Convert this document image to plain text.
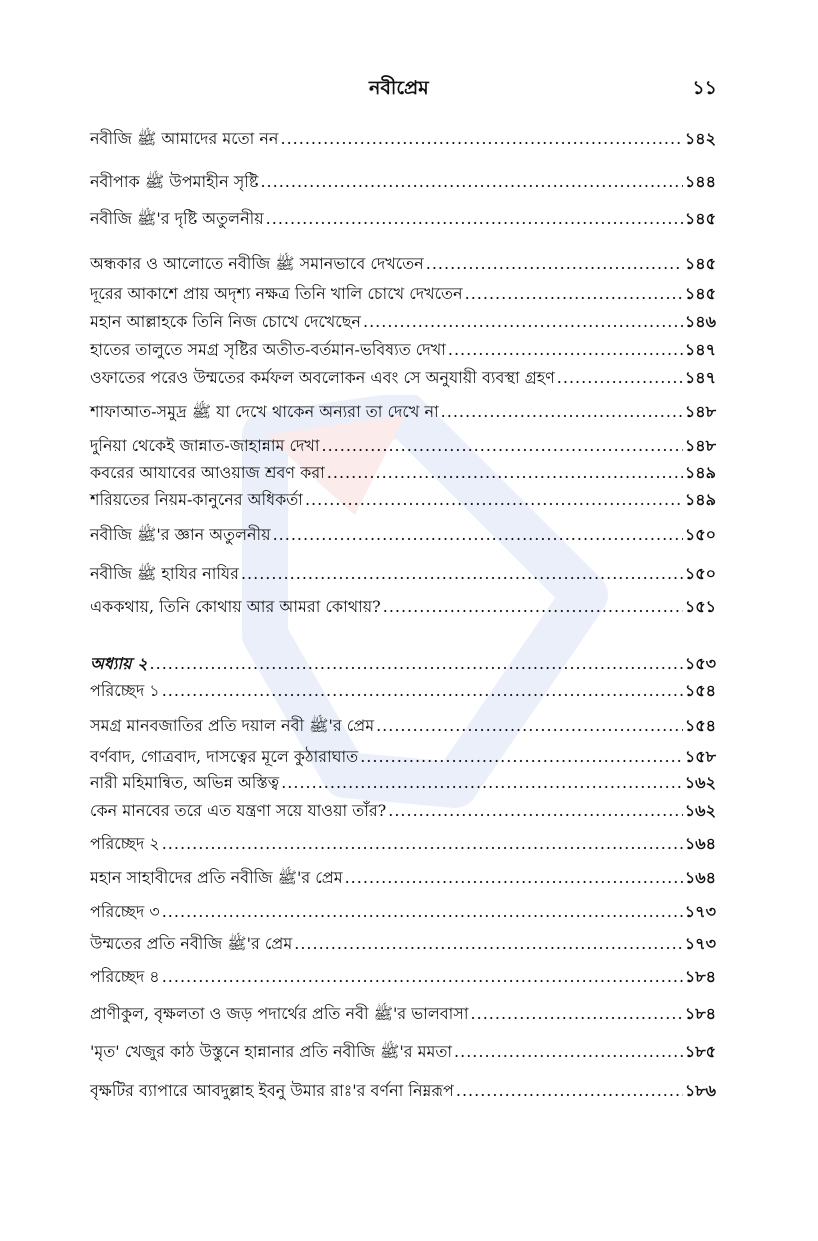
নবীপ্রেম	১১
নবীজি ﷺ আমাদের মতো নন .....	১৪২
নবীপাক ﷺ উপমাহীন সৃষ্টি .....	১৪৪
নবীজি ﷺ'র দৃষ্টি অতুলনীয় .....	১৪৫
অন্ধকার ও আলোতে নবীজি ﷺ সমানভাবে দেখতেন .....	১৪৫
দূরের আকাশে প্রায় অদৃশ্য নক্ষত্র তিনি খালি চোখে দেখতেন .....	১৪৫
মহান আল্লাহকে তিনি নিজ চোখে দেখেছেন .....	১৪৬
হাতের তালুতে সমগ্র সৃষ্টির অতীত-বর্তমান-ভবিষ্যত দেখা .....	১৪৭
ওফাতের পরেও উম্মতের কর্মফল অবলোকন এবং সে অনুযায়ী ব্যবস্থা গ্রহণ .....	১৪৭
শাফাআত-সমুদ্র ﷺ যা দেখে থাকেন অন্যরা তা দেখে না .....	১৪৮
দুনিয়া থেকেই জান্নাত-জাহান্নাম দেখা .....	১৪৮
কবরের আযাবের আওয়াজ শ্রবণ করা .....	১৪৯
শরিয়তের নিয়ম-কানুনের অধিকর্তা .....	১৪৯
নবীজি ﷺ'র জ্ঞান অতুলনীয় .....	১৫০
নবীজি ﷺ হাযির নাযির .....	১৫০
এককথায়, তিনি কোথায় আর আমরা কোথায়? .....	১৫১
অধ্যায় ২ .....	১৫৩
পরিচ্ছেদ ১ .....	১৫৪
সমগ্র মানবজাতির প্রতি দয়াল নবী ﷺ'র প্রেম .....	১৫৪
বর্ণবাদ, গোত্রবাদ, দাসত্বের মূলে কুঠারাঘাত .....	১৫৮
নারী মহিমান্বিত, অভিন্ন অস্তিত্ব .....	১৬২
কেন মানবের তরে এত যন্ত্রণা সয়ে যাওয়া তাঁর? .....	১৬২
পরিচ্ছেদ ২ .....	১৬৪
মহান সাহাবীদের প্রতি নবীজি ﷺ'র প্রেম .....	১৬৪
পরিচ্ছেদ ৩ .....	১৭৩
উম্মতের প্রতি নবীজি ﷺ'র প্রেম .....	১৭৩
পরিচ্ছেদ ৪ .....	১৮৪
প্রাণীকুল, বৃক্ষলতা ও জড় পদার্থের প্রতি নবী ﷺ'র ভালবাসা .....	১৮৪
'মৃত' খেজুর কাঠ উস্তুনে হান্নানার প্রতি নবীজি ﷺ'র মমতা .....	১৮৫
বৃক্ষটির ব্যাপারে আবদুল্লাহ ইবনু উমার রাঃ'র বর্ণনা নিম্নরূপ .....	১৮৬
